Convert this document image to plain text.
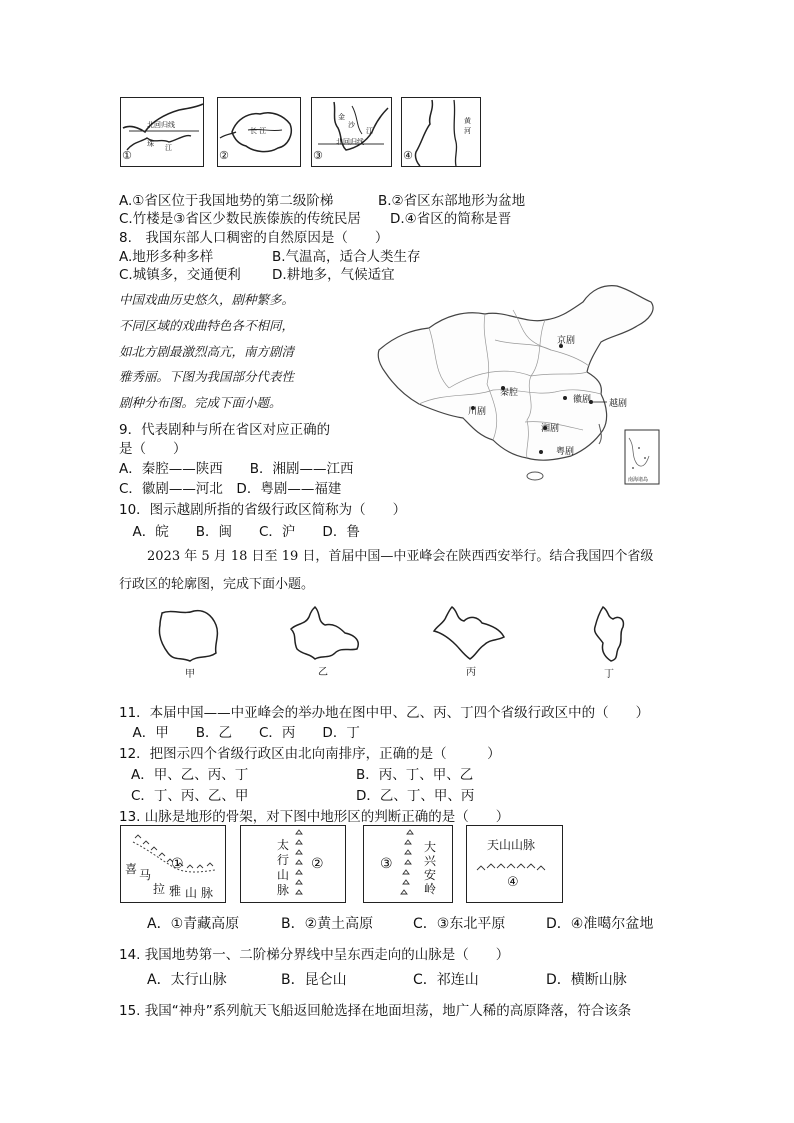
北回归线
珠 江
①
长 江
②
金
沙
江
北回归线
③
黄
河
④
A.①省区位于我国地势的第二级阶梯	B.②省区东部地形为盆地
C.竹楼是③省区少数民族傣族的传统民居 D.④省区的简称是晋
8.　我国东部人口稠密的自然原因是（　　）
A.地形多种多样	B.气温高，适合人类生存
C.城镇多，交通便利 D.耕地多，气候适宜
中国戏曲历史悠久，剧种繁多。
不同区域的戏曲特色各不相同，
如北方剧最激烈高亢，南方剧清
雅秀丽。下图为我国部分代表性
剧种分布图。完成下面小题。
京剧
秦腔
徽剧 越剧
川剧
湘剧
粤剧
南海诸岛
9．代表剧种与所在省区对应正确的
是（　　）
A．秦腔——陕西　　B．湘剧——江西
C．徽剧——河北　D．粤剧——福建
10．图示越剧所指的省级行政区简称为（　　）
　A．皖　　B．闽　　C．沪　　D．鲁
2023 年 5 月 18 日至 19 日，首届中国—中亚峰会在陕西西安举行。结合我国四个省级
行政区的轮廓图，完成下面小题。
甲	乙	丙	丁
11．本届中国——中亚峰会的举办地在图中甲、乙、丙、丁四个省级行政区中的（　　）
　A．甲　　B．乙　　C．丙　　D．丁
12．把图示四个省级行政区由北向南排序，正确的是（　　　）
A．甲、乙、丙、丁	B．丙、丁、甲、乙
C．丁、丙、乙、甲	D．乙、丁、甲、丙
13. 山脉是地形的骨架，对下图中地形区的判断正确的是（　　）
喜 马
拉 雅 山 脉
①
太
行
山
脉
②
大
兴
安
岭
③
天山山脉
④
A．①青藏高原	B．②黄土高原	C．③东北平原	D．④准噶尔盆地
14. 我国地势第一、二阶梯分界线中呈东西走向的山脉是（　　）
A．太行山脉	B．昆仑山	C．祁连山	D．横断山脉
15. 我国“神舟”系列航天飞船返回舱选择在地面坦荡，地广人稀的高原降落，符合该条
